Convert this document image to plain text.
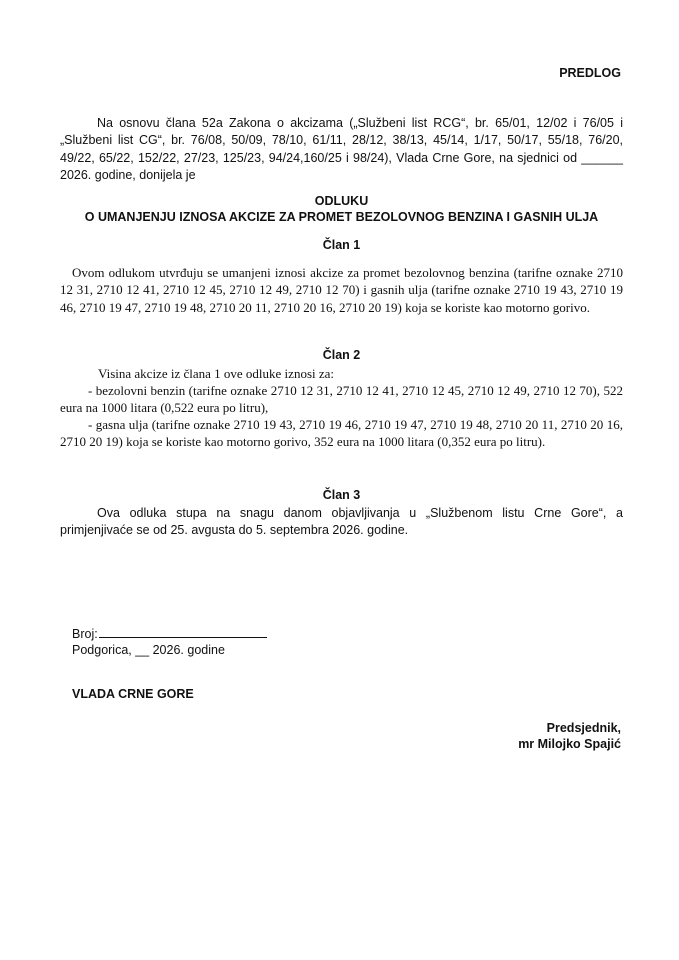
PREDLOG

Na osnovu člana 52a Zakona o akcizama („Službeni list RCG“, br. 65/01, 12/02 i 76/05 i „Službeni list CG“, br. 76/08, 50/09, 78/10, 61/11, 28/12, 38/13, 45/14, 1/17, 50/17, 55/18, 76/20, 49/22, 65/22, 152/22, 27/23, 125/23, 94/24,160/25 i 98/24), Vlada Crne Gore, na sjednici od ______ 2026. godine, donijela je

ODLUKU
O UMANJENJU IZNOSA AKCIZE ZA PROMET BEZOLOVNOG BENZINA I GASNIH ULJA
Član 1

Ovom odlukom utvrđuju se umanjeni iznosi akcize za promet bezolovnog benzina (tarifne oznake 2710 12 31, 2710 12 41, 2710 12 45, 2710 12 49, 2710 12 70) i gasnih ulja (tarifne oznake 2710 19 43, 2710 19 46, 2710 19 47, 2710 19 48, 2710 20 11, 2710 20 16, 2710 20 19) koja se koriste kao motorno gorivo.

Član 2
Visina akcize iz člana 1 ove odluke iznosi za:

- bezolovni benzin (tarifne oznake 2710 12 31, 2710 12 41, 2710 12 45, 2710 12 49, 2710 12 70), 522 eura na 1000 litara (0,522 eura po litru),

- gasna ulja (tarifne oznake 2710 19 43, 2710 19 46, 2710 19 47, 2710 19 48, 2710 20 11, 2710 20 16, 2710 20 19) koja se koriste kao motorno gorivo, 352 eura na 1000 litara (0,352 eura po litru).

Član 3

Ova odluka stupa na snagu danom objavljivanja u „Službenom listu Crne Gore“, a primjenjivaće se od 25. avgusta do 5. septembra 2026. godine.

Broj:
Podgorica, __ 2026. godine
VLADA CRNE GORE
Predsjednik,
mr Milojko Spajić
